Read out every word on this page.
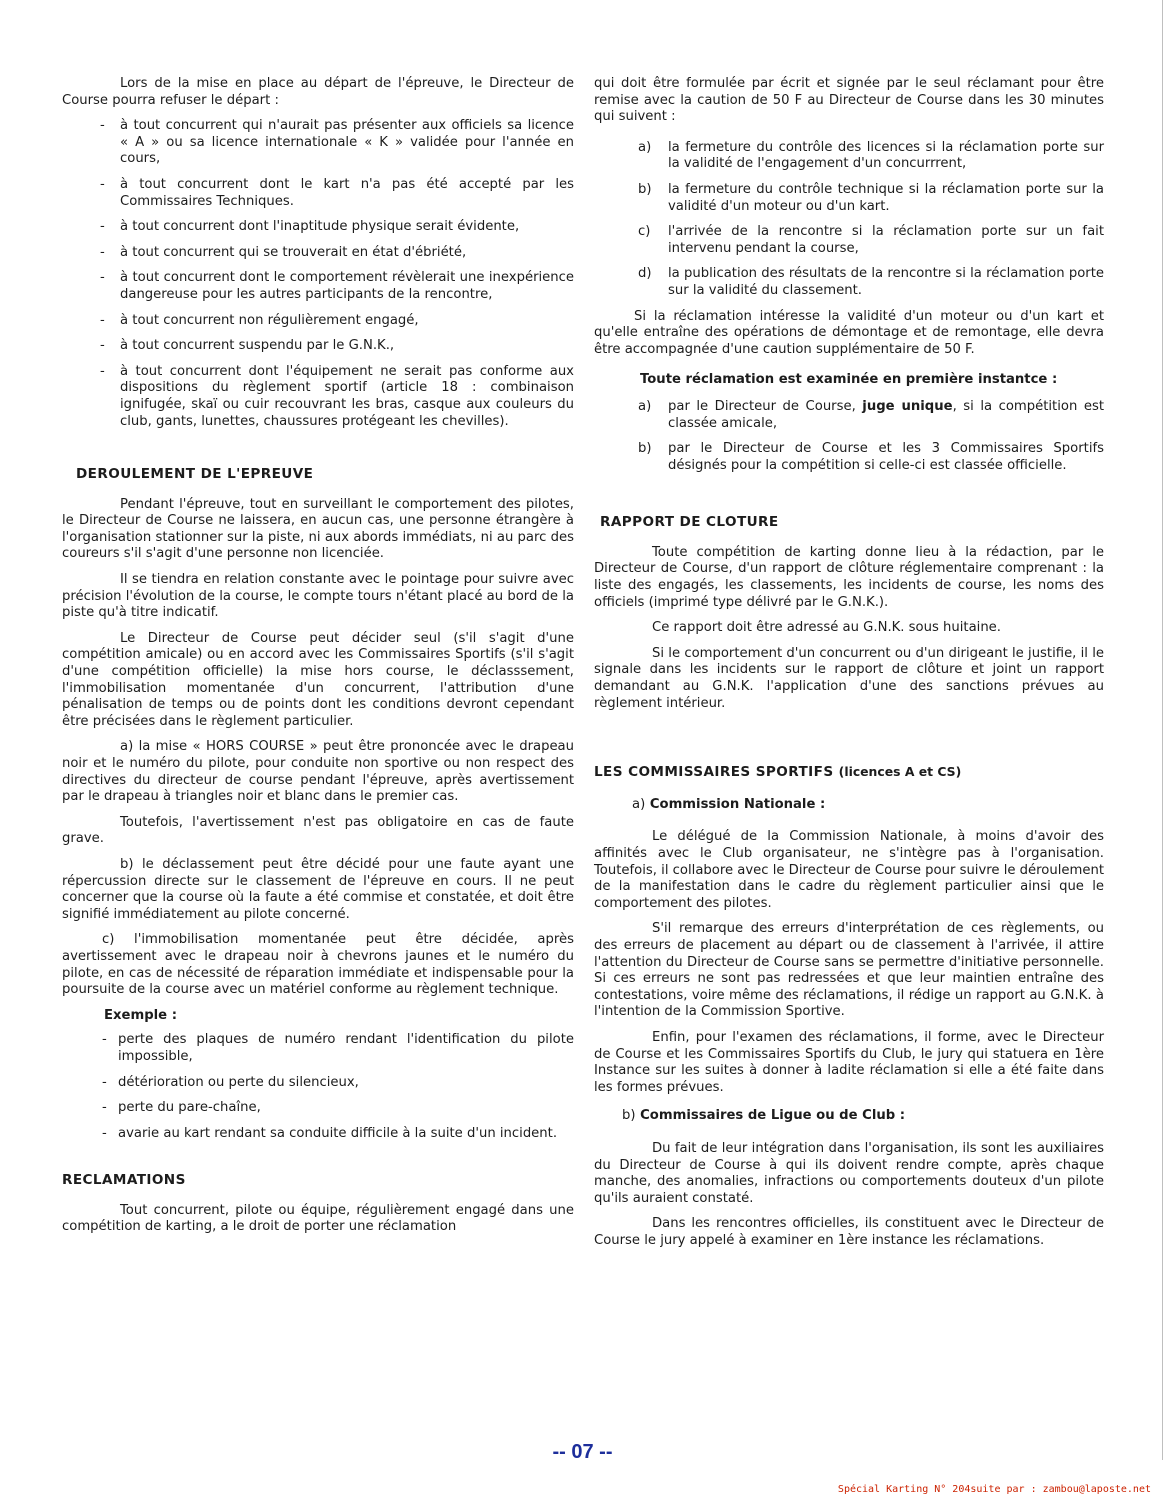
Lors de la mise en place au départ de l'épreuve, le Directeur de Course pourra refuser le départ :

- à tout concurrent qui n'aurait pas présenter aux officiels sa licence « A » ou sa licence internationale « K » validée pour l'année en cours,

- à tout concurrent dont le kart n'a pas été accepté par les Commissaires Techniques.

- à tout concurrent dont l'inaptitude physique serait évidente,

- à tout concurrent qui se trouverait en état d'ébriété,

- à tout concurrent dont le comportement révèlerait une inexpérience dangereuse pour les autres participants de la rencontre,

- à tout concurrent non régulièrement engagé,

- à tout concurrent suspendu par le G.N.K.,

- à tout concurrent dont l'équipement ne serait pas conforme aux dispositions du règlement sportif (article 18 : combinaison ignifugée, skaï ou cuir recouvrant les bras, casque aux couleurs du club, gants, lunettes, chaussures protégeant les chevilles).

DEROULEMENT DE L'EPREUVE

Pendant l'épreuve, tout en surveillant le comportement des pilotes, le Directeur de Course ne laissera, en aucun cas, une personne étrangère à l'organisation stationner sur la piste, ni aux abords immédiats, ni au parc des coureurs s'il s'agit d'une personne non licenciée.

Il se tiendra en relation constante avec le pointage pour suivre avec précision l'évolution de la course, le compte tours n'étant placé au bord de la piste qu'à titre indicatif.

Le Directeur de Course peut décider seul (s'il s'agit d'une compétition amicale) ou en accord avec les Commissaires Sportifs (s'il s'agit d'une compétition officielle) la mise hors course, le déclasssement, l'immobilisation momentanée d'un concurrent, l'attribution d'une pénalisation de temps ou de points dont les conditions devront cependant être précisées dans le règlement particulier.

a) la mise « HORS COURSE » peut être prononcée avec le drapeau noir et le numéro du pilote, pour conduite non sportive ou non respect des directives du directeur de course pendant l'épreuve, après avertissement par le drapeau à triangles noir et blanc dans le premier cas.

Toutefois, l'avertissement n'est pas obligatoire en cas de faute grave.

b) le déclassement peut être décidé pour une faute ayant une répercussion directe sur le classement de l'épreuve en cours. Il ne peut concerner que la course où la faute a été commise et constatée, et doit être signifié immédiatement au pilote concerné.

c) l'immobilisation momentanée peut être décidée, après avertissement avec le drapeau noir à chevrons jaunes et le numéro du pilote, en cas de nécessité de réparation immédiate et indispensable pour la poursuite de la course avec un matériel conforme au règlement technique.

Exemple :

- perte des plaques de numéro rendant l'identification du pilote impossible,

- détérioration ou perte du silencieux,

- perte du pare-chaîne,

- avarie au kart rendant sa conduite difficile à la suite d'un incident.

RECLAMATIONS

Tout concurrent, pilote ou équipe, régulièrement engagé dans une compétition de karting, a le droit de porter une réclamation

qui doit être formulée par écrit et signée par le seul réclamant pour être remise avec la caution de 50 F au Directeur de Course dans les 30 minutes qui suivent :

a) la fermeture du contrôle des licences si la réclamation porte sur la validité de l'engagement d'un concurrrent,

b) la fermeture du contrôle technique si la réclamation porte sur la validité d'un moteur ou d'un kart.

c) l'arrivée de la rencontre si la réclamation porte sur un fait intervenu pendant la course,

d) la publication des résultats de la rencontre si la réclamation porte sur la validité du classement.

Si la réclamation intéresse la validité d'un moteur ou d'un kart et qu'elle entraîne des opérations de démontage et de remontage, elle devra être accompagnée d'une caution supplémentaire de 50 F.

Toute réclamation est examinée en première instantce :

a) par le Directeur de Course, juge unique, si la compétition est classée amicale,

b) par le Directeur de Course et les 3 Commissaires Sportifs désignés pour la compétition si celle-ci est classée officielle.

RAPPORT DE CLOTURE

Toute compétition de karting donne lieu à la rédaction, par le Directeur de Course, d'un rapport de clôture réglementaire comprenant : la liste des engagés, les classements, les incidents de course, les noms des officiels (imprimé type délivré par le G.N.K.).

Ce rapport doit être adressé au G.N.K. sous huitaine.

Si le comportement d'un concurrent ou d'un dirigeant le justifie, il le signale dans les incidents sur le rapport de clôture et joint un rapport demandant au G.N.K. l'application d'une des sanctions prévues au règlement intérieur.

LES COMMISSAIRES SPORTIFS (licences A et CS)

a) Commission Nationale :

Le délégué de la Commission Nationale, à moins d'avoir des affinités avec le Club organisateur, ne s'intègre pas à l'organisation. Toutefois, il collabore avec le Directeur de Course pour suivre le déroulement de la manifestation dans le cadre du règlement particulier ainsi que le comportement des pilotes.

S'il remarque des erreurs d'interprétation de ces règlements, ou des erreurs de placement au départ ou de classement à l'arrivée, il attire l'attention du Directeur de Course sans se permettre d'initiative personnelle. Si ces erreurs ne sont pas redressées et que leur maintien entraîne des contestations, voire même des réclamations, il rédige un rapport au G.N.K. à l'intention de la Commission Sportive.

Enfin, pour l'examen des réclamations, il forme, avec le Directeur de Course et les Commissaires Sportifs du Club, le jury qui statuera en 1ère Instance sur les suites à donner à ladite réclamation si elle a été faite dans les formes prévues.

b) Commissaires de Ligue ou de Club :

Du fait de leur intégration dans l'organisation, ils sont les auxiliaires du Directeur de Course à qui ils doivent rendre compte, après chaque manche, des anomalies, infractions ou comportements douteux d'un pilote qu'ils auraient constaté.

Dans les rencontres officielles, ils constituent avec le Directeur de Course le jury appelé à examiner en 1ère instance les réclamations.

-- 07 --
Spécial Karting N° 204suite par : zambou@laposte.net
